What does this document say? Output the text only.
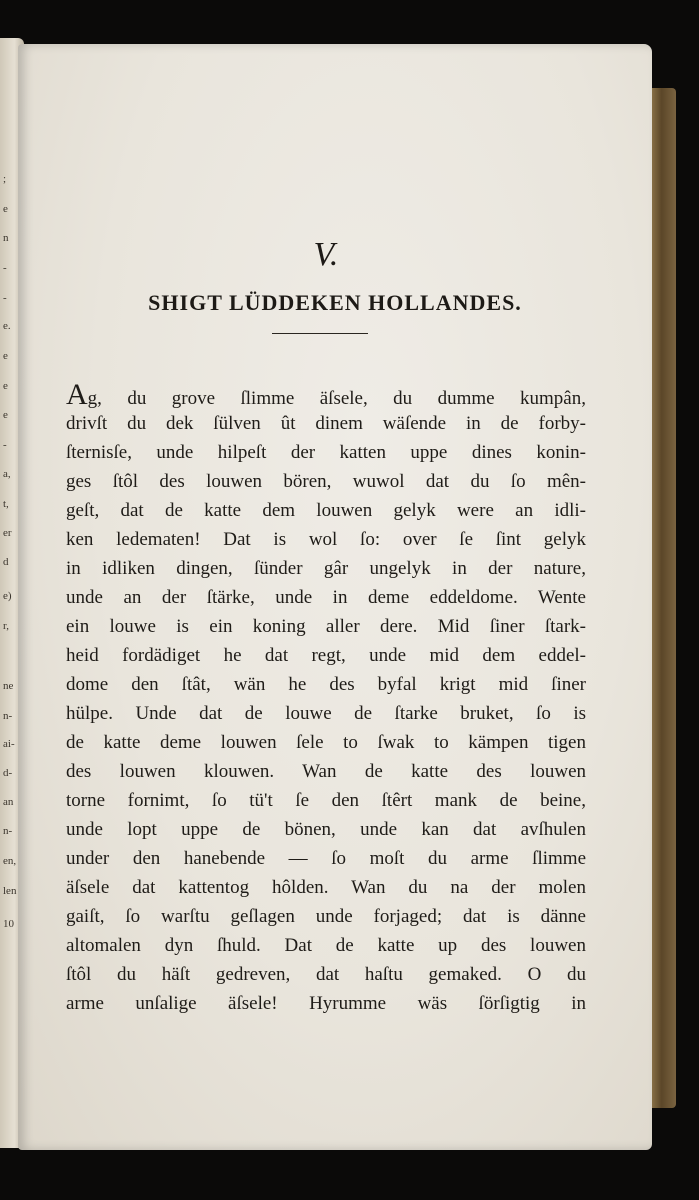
;
e
n
-
-
e.
e
e
e
-
a,
t,
er
d
e)
r,
ne
n-
ai-
d-
an
n-
en,
len
10
V.
SHIGT LÜDDEKEN HOLLANDES.
Ag, du grove ſlimme äſsele, du dumme kumpân,
drivſt du dek ſülven ût dinem wäſende in de forby-
ſternisſe, unde hilpeſt der katten uppe dines konin-
ges ſtôl des louwen bören, wuwol dat du ſo mên-
geſt, dat de katte dem louwen gelyk were an idli-
ken ledematen! Dat is wol ſo: over ſe ſint gelyk
in idliken dingen, ſünder gâr ungelyk in der nature,
unde an der ſtärke, unde in deme eddeldome. Wente
ein louwe is ein koning aller dere. Mid ſiner ſtark-
heid fordädiget he dat regt, unde mid dem eddel-
dome den ſtât, wän he des byfal krigt mid ſiner
hülpe. Unde dat de louwe de ſtarke bruket, ſo is
de katte deme louwen ſele to ſwak to kämpen tigen
des louwen klouwen. Wan de katte des louwen
torne fornimt, ſo tü't ſe den ſtêrt mank de beine,
unde lopt uppe de bönen, unde kan dat avſhulen
under den hanebende — ſo moſt du arme ſlimme
äſsele dat kattentog hôlden. Wan du na der molen
gaiſt, ſo warſtu geſlagen unde forjaged; dat is dänne
altomalen dyn ſhuld. Dat de katte up des louwen
ſtôl du häſt gedreven, dat haſtu gemaked. O du
arme unſalige äſsele! Hyrumme wäs ſörſigtig in
